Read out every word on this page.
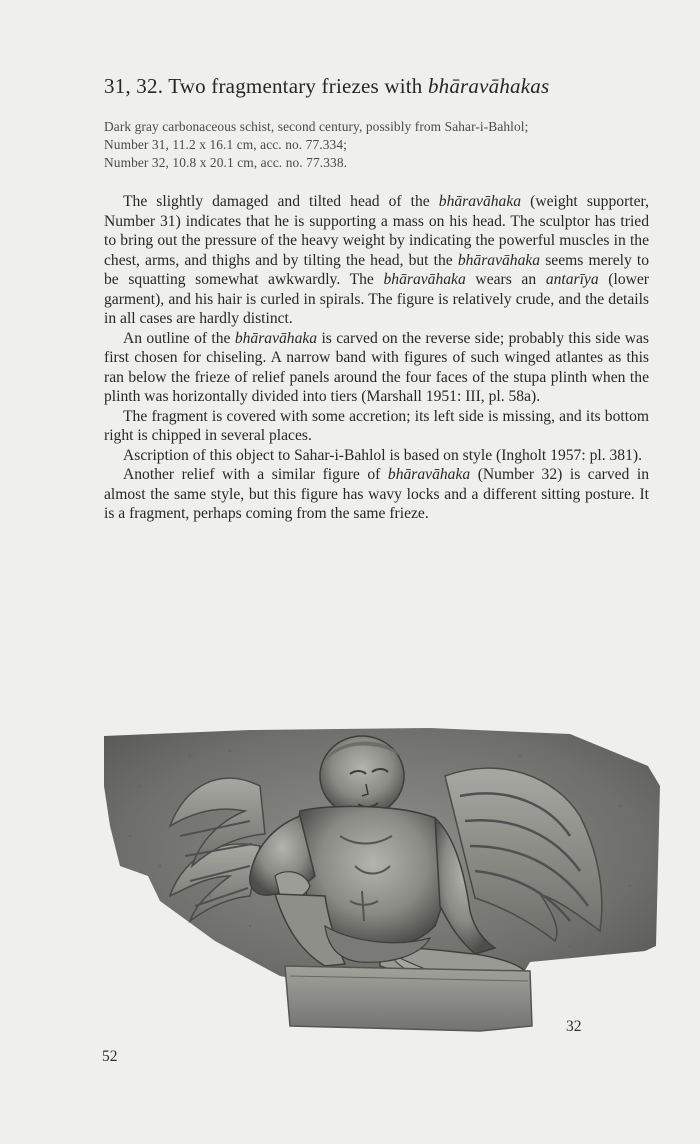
31, 32. Two fragmentary friezes with bhāravāhakas
Dark gray carbonaceous schist, second century, possibly from Sahar-i-Bahlol;
Number 31, 11.2 x 16.1 cm, acc. no. 77.334;
Number 32, 10.8 x 20.1 cm, acc. no. 77.338.

The slightly damaged and tilted head of the bhāravāhaka (weight supporter, Number 31) indicates that he is supporting a mass on his head. The sculptor has tried to bring out the pressure of the heavy weight by indicating the powerful muscles in the chest, arms, and thighs and by tilting the head, but the bhāravāhaka seems merely to be squatting somewhat awkwardly. The bhāravāhaka wears an antarīya (lower garment), and his hair is curled in spirals. The figure is relatively crude, and the details in all cases are hardly distinct.

An outline of the bhāravāhaka is carved on the reverse side; probably this side was first chosen for chiseling. A narrow band with figures of such winged atlantes as this ran below the frieze of relief panels around the four faces of the stupa plinth when the plinth was horizontally divided into tiers (Marshall 1951: III, pl. 58a).

The fragment is covered with some accretion; its left side is missing, and its bottom right is chipped in several places.

Ascription of this object to Sahar-i-Bahlol is based on style (Ingholt 1957: pl. 381).

Another relief with a similar figure of bhāravāhaka (Number 32) is carved in almost the same style, but this figure has wavy locks and a different sitting posture. It is a fragment, perhaps coming from the same frieze.

32
52
